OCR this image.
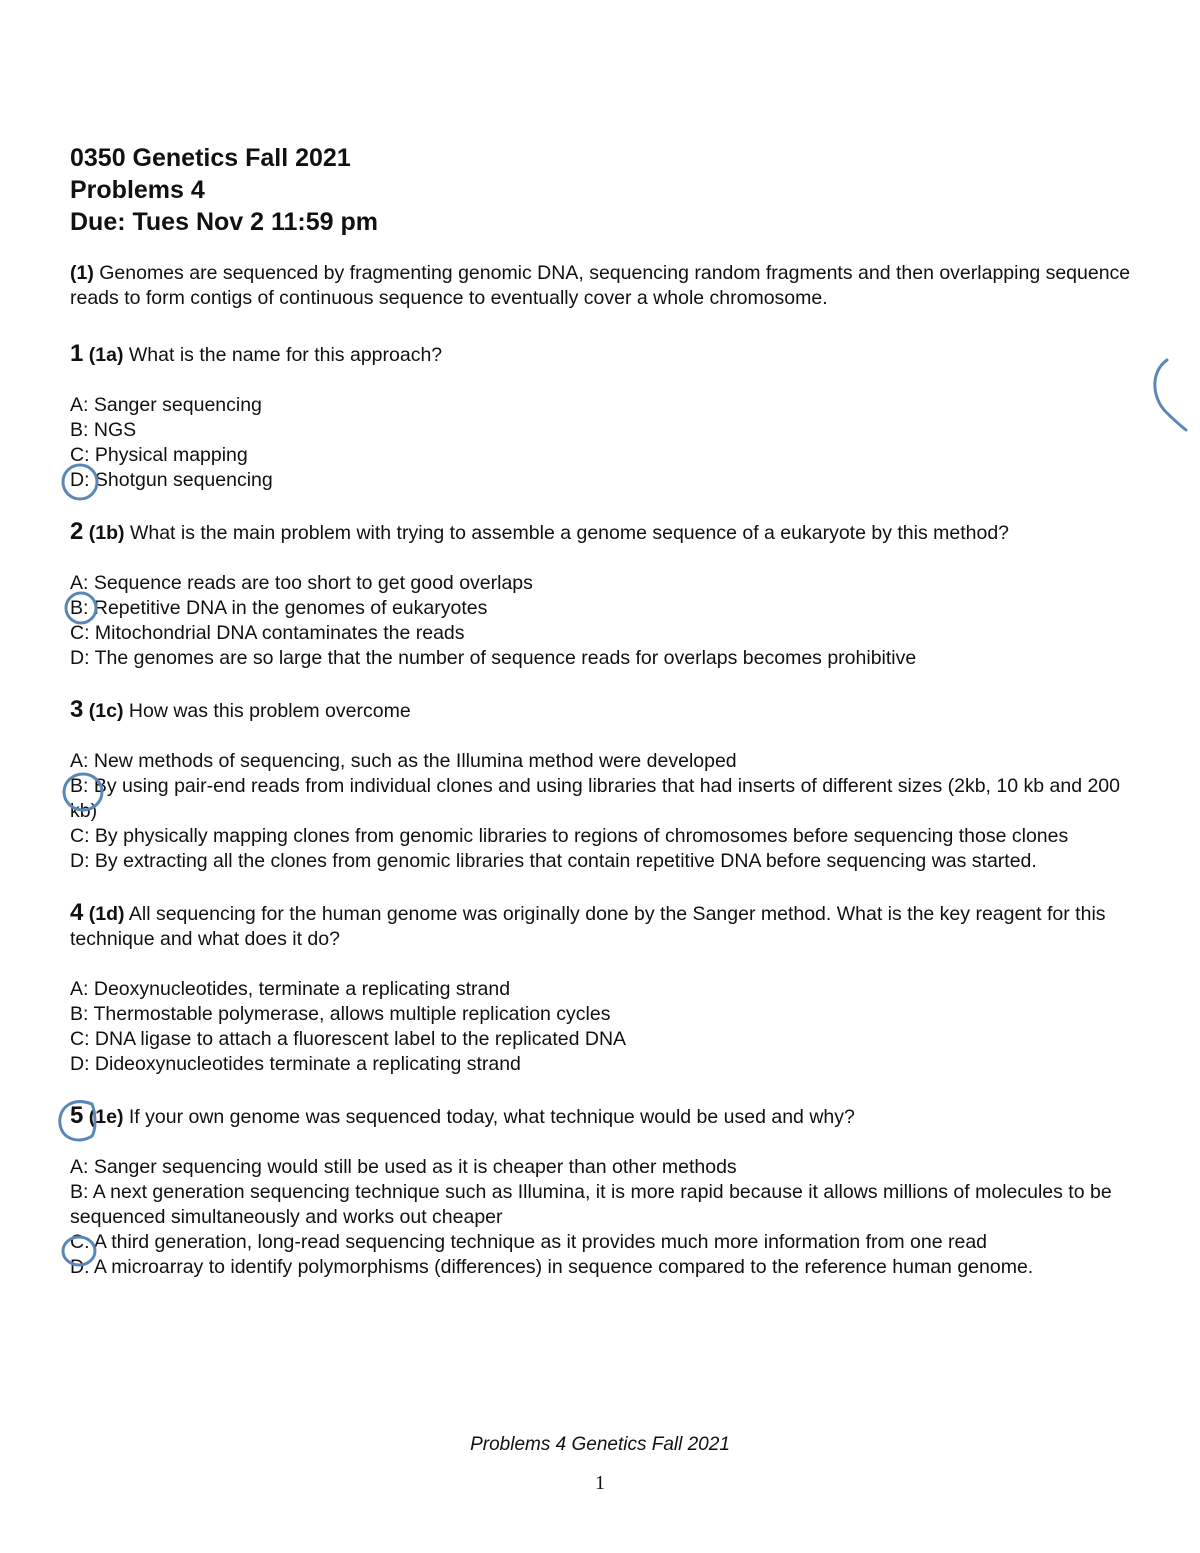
0350 Genetics Fall 2021
Problems 4
Due: Tues Nov 2 11:59 pm
(1) Genomes are sequenced by fragmenting genomic DNA, sequencing random fragments and then overlapping sequence reads to form contigs of continuous sequence to eventually cover a whole chromosome.
1 (1a) What is the name for this approach?
A: Sanger sequencing
B: NGS
C: Physical mapping
D: Shotgun sequencing
2 (1b) What is the main problem with trying to assemble a genome sequence of a eukaryote by this method?
A: Sequence reads are too short to get good overlaps
B: Repetitive DNA in the genomes of eukaryotes
C: Mitochondrial DNA contaminates the reads
D: The genomes are so large that the number of sequence reads for overlaps becomes prohibitive
3 (1c) How was this problem overcome
A: New methods of sequencing, such as the Illumina method were developed
B: By using pair-end reads from individual clones and using libraries that had inserts of different sizes (2kb, 10 kb and 200 kb)
C: By physically mapping clones from genomic libraries to regions of chromosomes before sequencing those clones
D: By extracting all the clones from genomic libraries that contain repetitive DNA before sequencing was started.
4 (1d) All sequencing for the human genome was originally done by the Sanger method. What is the key reagent for this technique and what does it do?
A: Deoxynucleotides, terminate a replicating strand
B: Thermostable polymerase, allows multiple replication cycles
C: DNA ligase to attach a fluorescent label to the replicated DNA
D: Dideoxynucleotides terminate a replicating strand
5 (1e) If your own genome was sequenced today, what technique would be used and why?
A: Sanger sequencing would still be used as it is cheaper than other methods
B: A next generation sequencing technique such as Illumina, it is more rapid because it allows millions of molecules to be sequenced simultaneously and works out cheaper
C: A third generation, long-read sequencing technique as it provides much more information from one read
D: A microarray to identify polymorphisms (differences) in sequence compared to the reference human genome.
Problems 4 Genetics Fall 2021
1
